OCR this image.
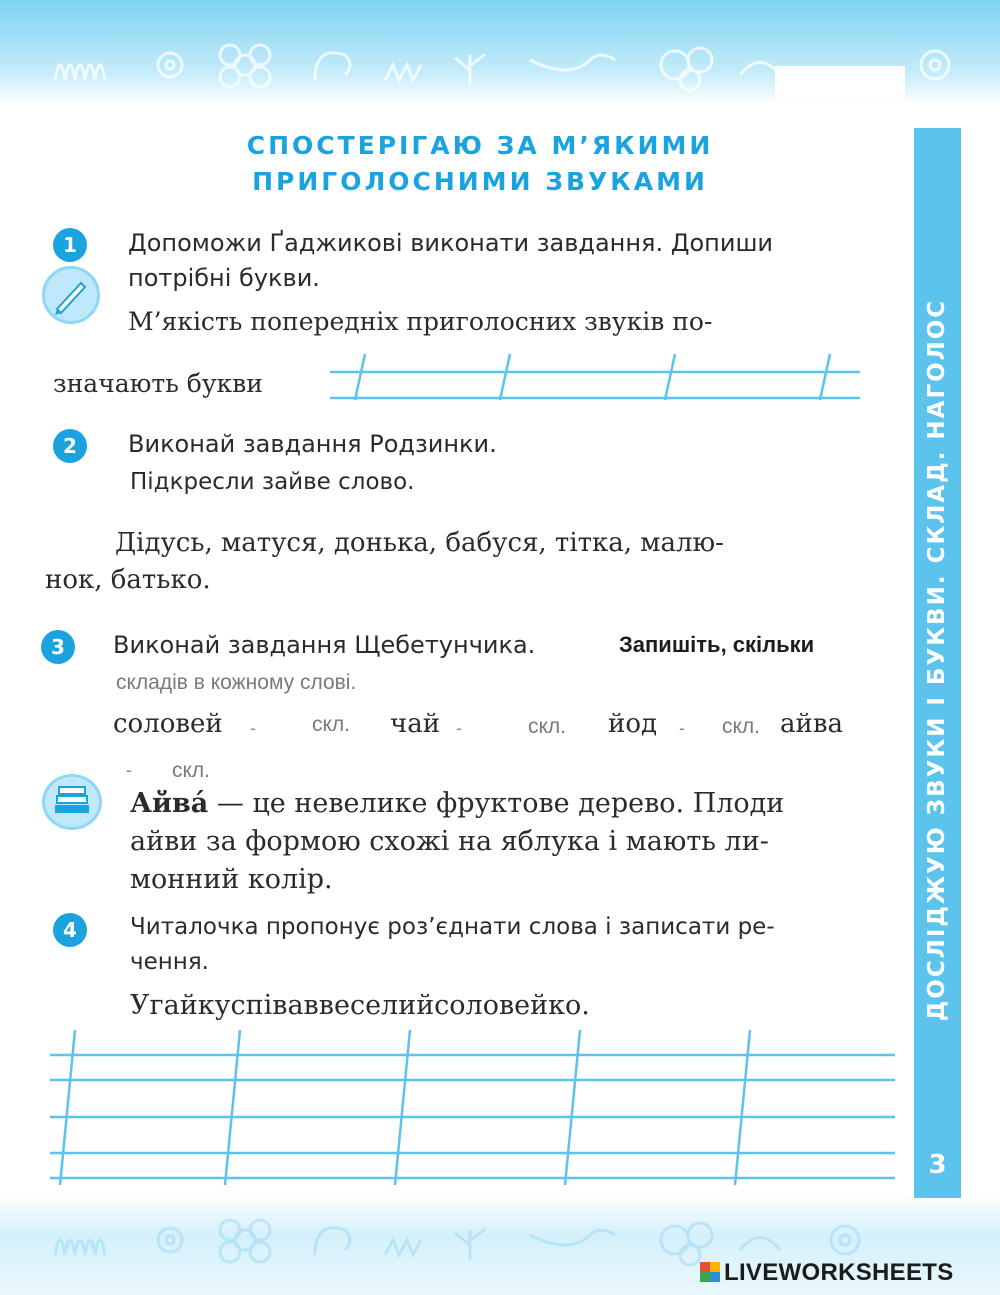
СПОСТЕРІГАЮ ЗА М’ЯКИМИ
ПРИГОЛОСНИМИ ЗВУКАМИ
ДОСЛІДЖУЮ ЗВУКИ І БУКВИ. СКЛАД. НАГОЛОС
3
1	Допоможи Ґаджикові виконати завдання. Допиши
потрібні букви.
М’якість попередніх приголосних звуків по-
значають букви
2	Виконай завдання Родзинки.
Підкресли зайве слово.
Дідусь, матуся, донька, бабуся, тітка, малю-
нок, батько.
3	Виконай завдання Щебетунчика.	Запишіть, скільки
складів в кожному слові.
соловей -	скл. чай -	скл. йод - скл. айва
- скл.
Айва́ — це невелике фруктове дерево. Плоди
айви за формою схожі на яблука і мають ли-
монний колір.
4	Читалочка пропонує роз’єднати слова і записати ре-
чення.
Угайкуспіваввеселийсоловейко.
LIVEWORKSHEETS
